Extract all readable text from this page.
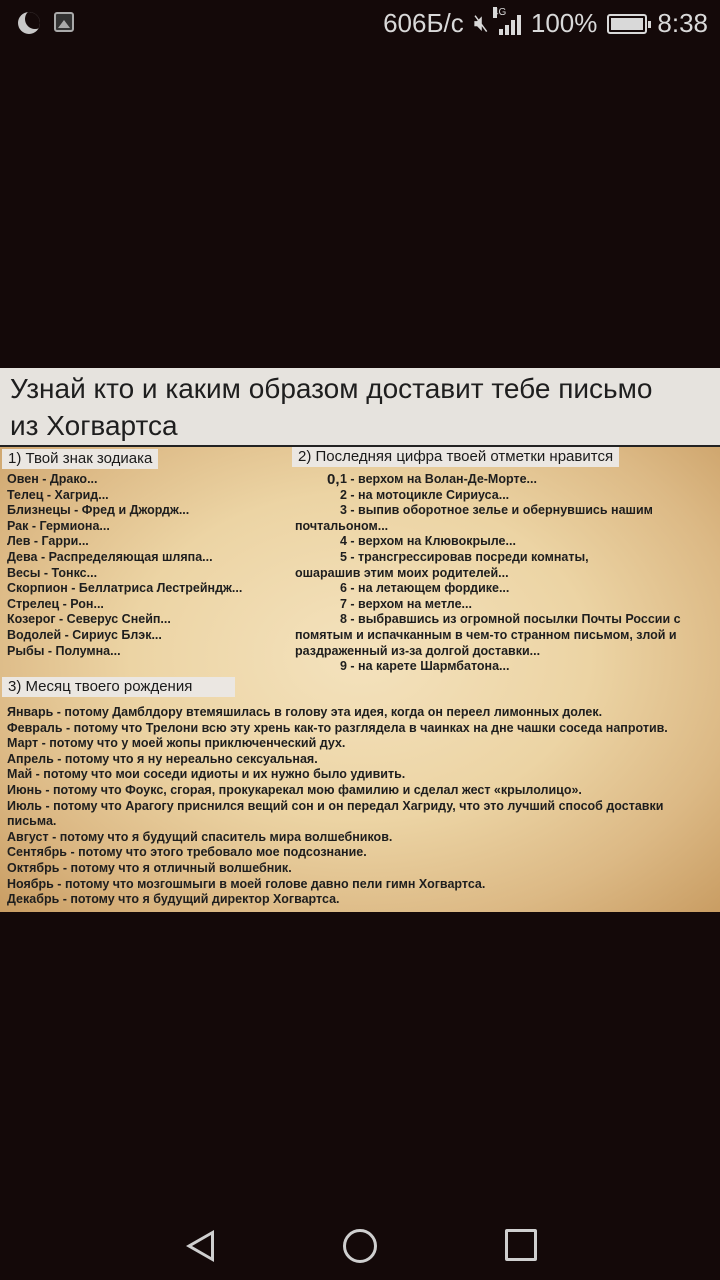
606Б/с 🔇︎ 4G 100% 8:38
Узнай кто и каким образом доставит тебе письмо
из Хогвартса
1) Твой знак зодиака
Овен - Драко...
Телец - Хагрид...
Близнецы - Фред и Джордж...
Рак - Гермиона...
Лев - Гарри...
Дева - Распределяющая шляпа...
Весы - Тонкс...
Скорпион - Беллатриса Лестрейндж...
Стрелец - Рон...
Козерог - Северус Снейп...
Водолей - Сириус Блэк...
Рыбы - Полумна...
2) Последняя цифра твоей отметки нравится
0, 1 - верхом на Волан-Де-Морте...
2 - на мотоцикле Сириуса...
3 - выпив оборотное зелье и обернувшись нашим
почтальоном...
4 - верхом на Клювокрыле...
5 - трансгрессировав посреди комнаты,
ошарашив этим моих родителей...
6 - на летающем фордике...
7 - верхом на метле...
8 - выбравшись из огромной посылки Почты России с
помятым и испачканным в чем-то странном письмом, злой и
раздраженный из-за долгой доставки...
9 - на карете Шармбатона...
3) Месяц твоего рождения
Январь - потому Дамблдору втемяшилась в голову эта идея, когда он переел лимонных долек.
Февраль - потому что Трелони всю эту хрень как-то разглядела в чаинках на дне чашки соседа напротив.
Март - потому что у моей жопы приключенческий дух.
Апрель - потому что я ну нереально сексуальная.
Май - потому что мои соседи идиоты и их нужно было удивить.
Июнь - потому что Фоукс, сгорая, прокукарекал мою фамилию и сделал жест «крылолицо».
Июль - потому что Арагогу приснился вещий сон и он передал Хагриду, что это лучший способ доставки
письма.
Август - потому что я будущий спаситель мира волшебников.
Сентябрь - потому что этого требовало мое подсознание.
Октябрь - потому что я отличный волшебник.
Ноябрь - потому что мозгошмыги в моей голове давно пели гимн Хогвартса.
Декабрь - потому что я будущий директор Хогвартса.
